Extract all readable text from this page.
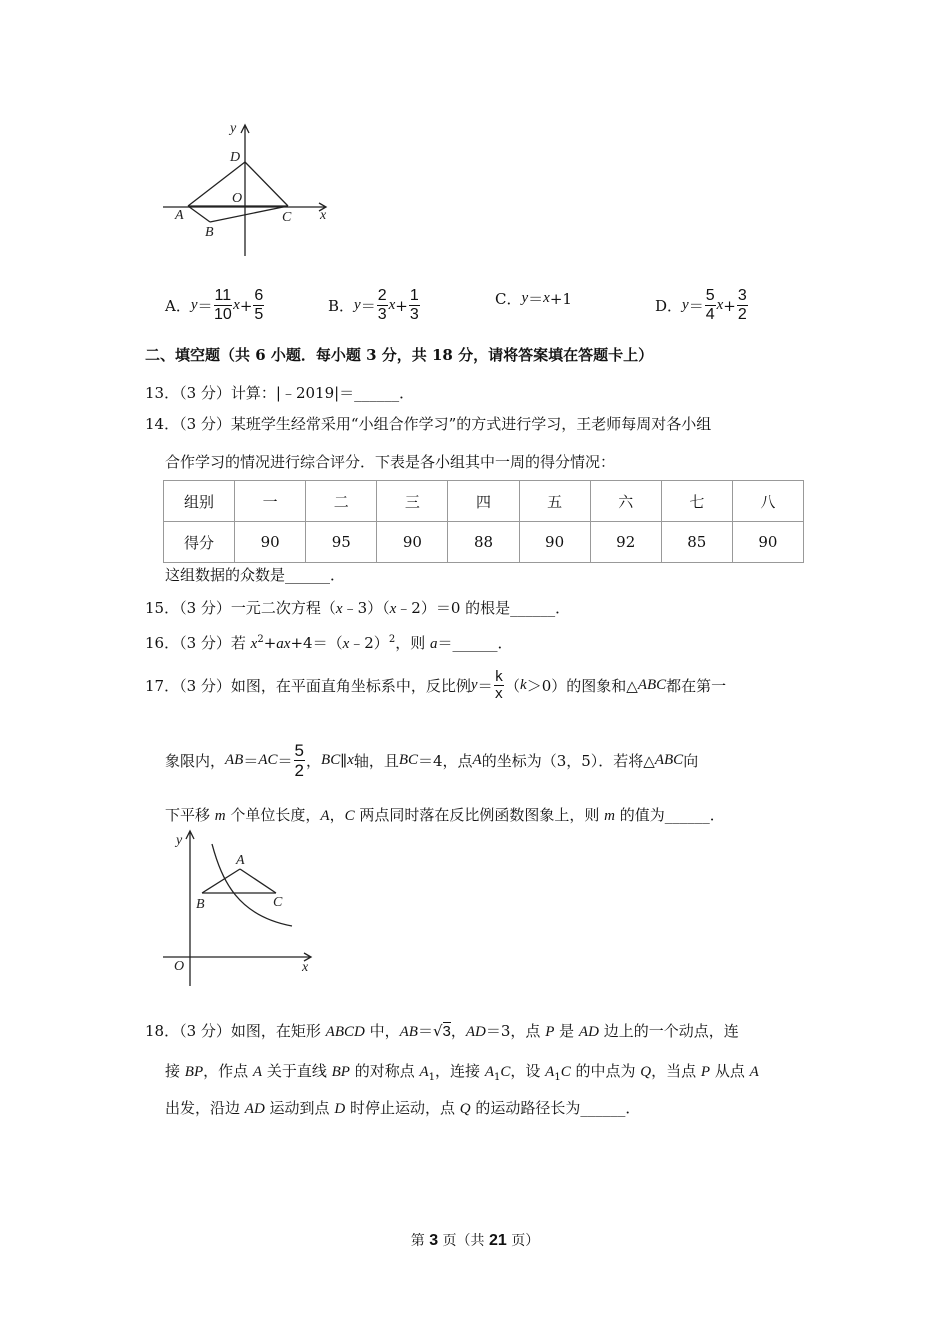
y
x
D
O
A
B
C
A． $y = \frac{11}{10}$ $x + \frac{6}{5}$	B． $y = \frac{2}{3}$ $x + \frac{1}{3}$	C． y ＝ x +1	D． $y = \frac{5}{4}$ $x + \frac{3}{2}$
二、填空题（共 6 小题．每小题 3 分，共 18 分，请将答案填在答题卡上）
13．（3 分）计算：|﹣2019|＝______．
14．（3 分）某班学生经常采用“小组合作学习”的方式进行学习，王老师每周对各小组
合作学习的情况进行综合评分．下表是各小组其中一周的得分情况：
组别	一	二	三	四	五	六	七	八
得分	90	95	90	88	90	92	85	90
这组数据的众数是______．
15．（3 分）一元二次方程（x﹣3）（x﹣2）＝0 的根是______．
16．（3 分）若 $x^2+ax+4=(x﹣2)^2$，则 a＝______．
17．（3 分）如图，在平面直角坐标系中，反比例 $y = \frac{k}{x}$ （ k ＞0）的图象和△ ABC 都在第一
象限内， AB ＝ AC ＝ $\frac{5}{2}$ ， BC ∥ x 轴，且 BC ＝4，点 A 的坐标为（3，5）．若将△ ABC 向
下平移 m 个单位长度，A，C 两点同时落在反比例函数图象上，则 m 的值为______．
y
x
O
A
B	C
18．（3 分）如图，在矩形 ABCD 中，AB＝√3，AD＝3，点 P 是 AD 边上的一个动点，连
接 BP，作点 A 关于直线 BP 的对称点 $A_1$，连接 $A_1C$，设 $A_1C$ 的中点为 Q，当点 P 从点 A
出发，沿边 AD 运动到点 D 时停止运动，点 Q 的运动路径长为______．
第 3 页（共 21 页）
